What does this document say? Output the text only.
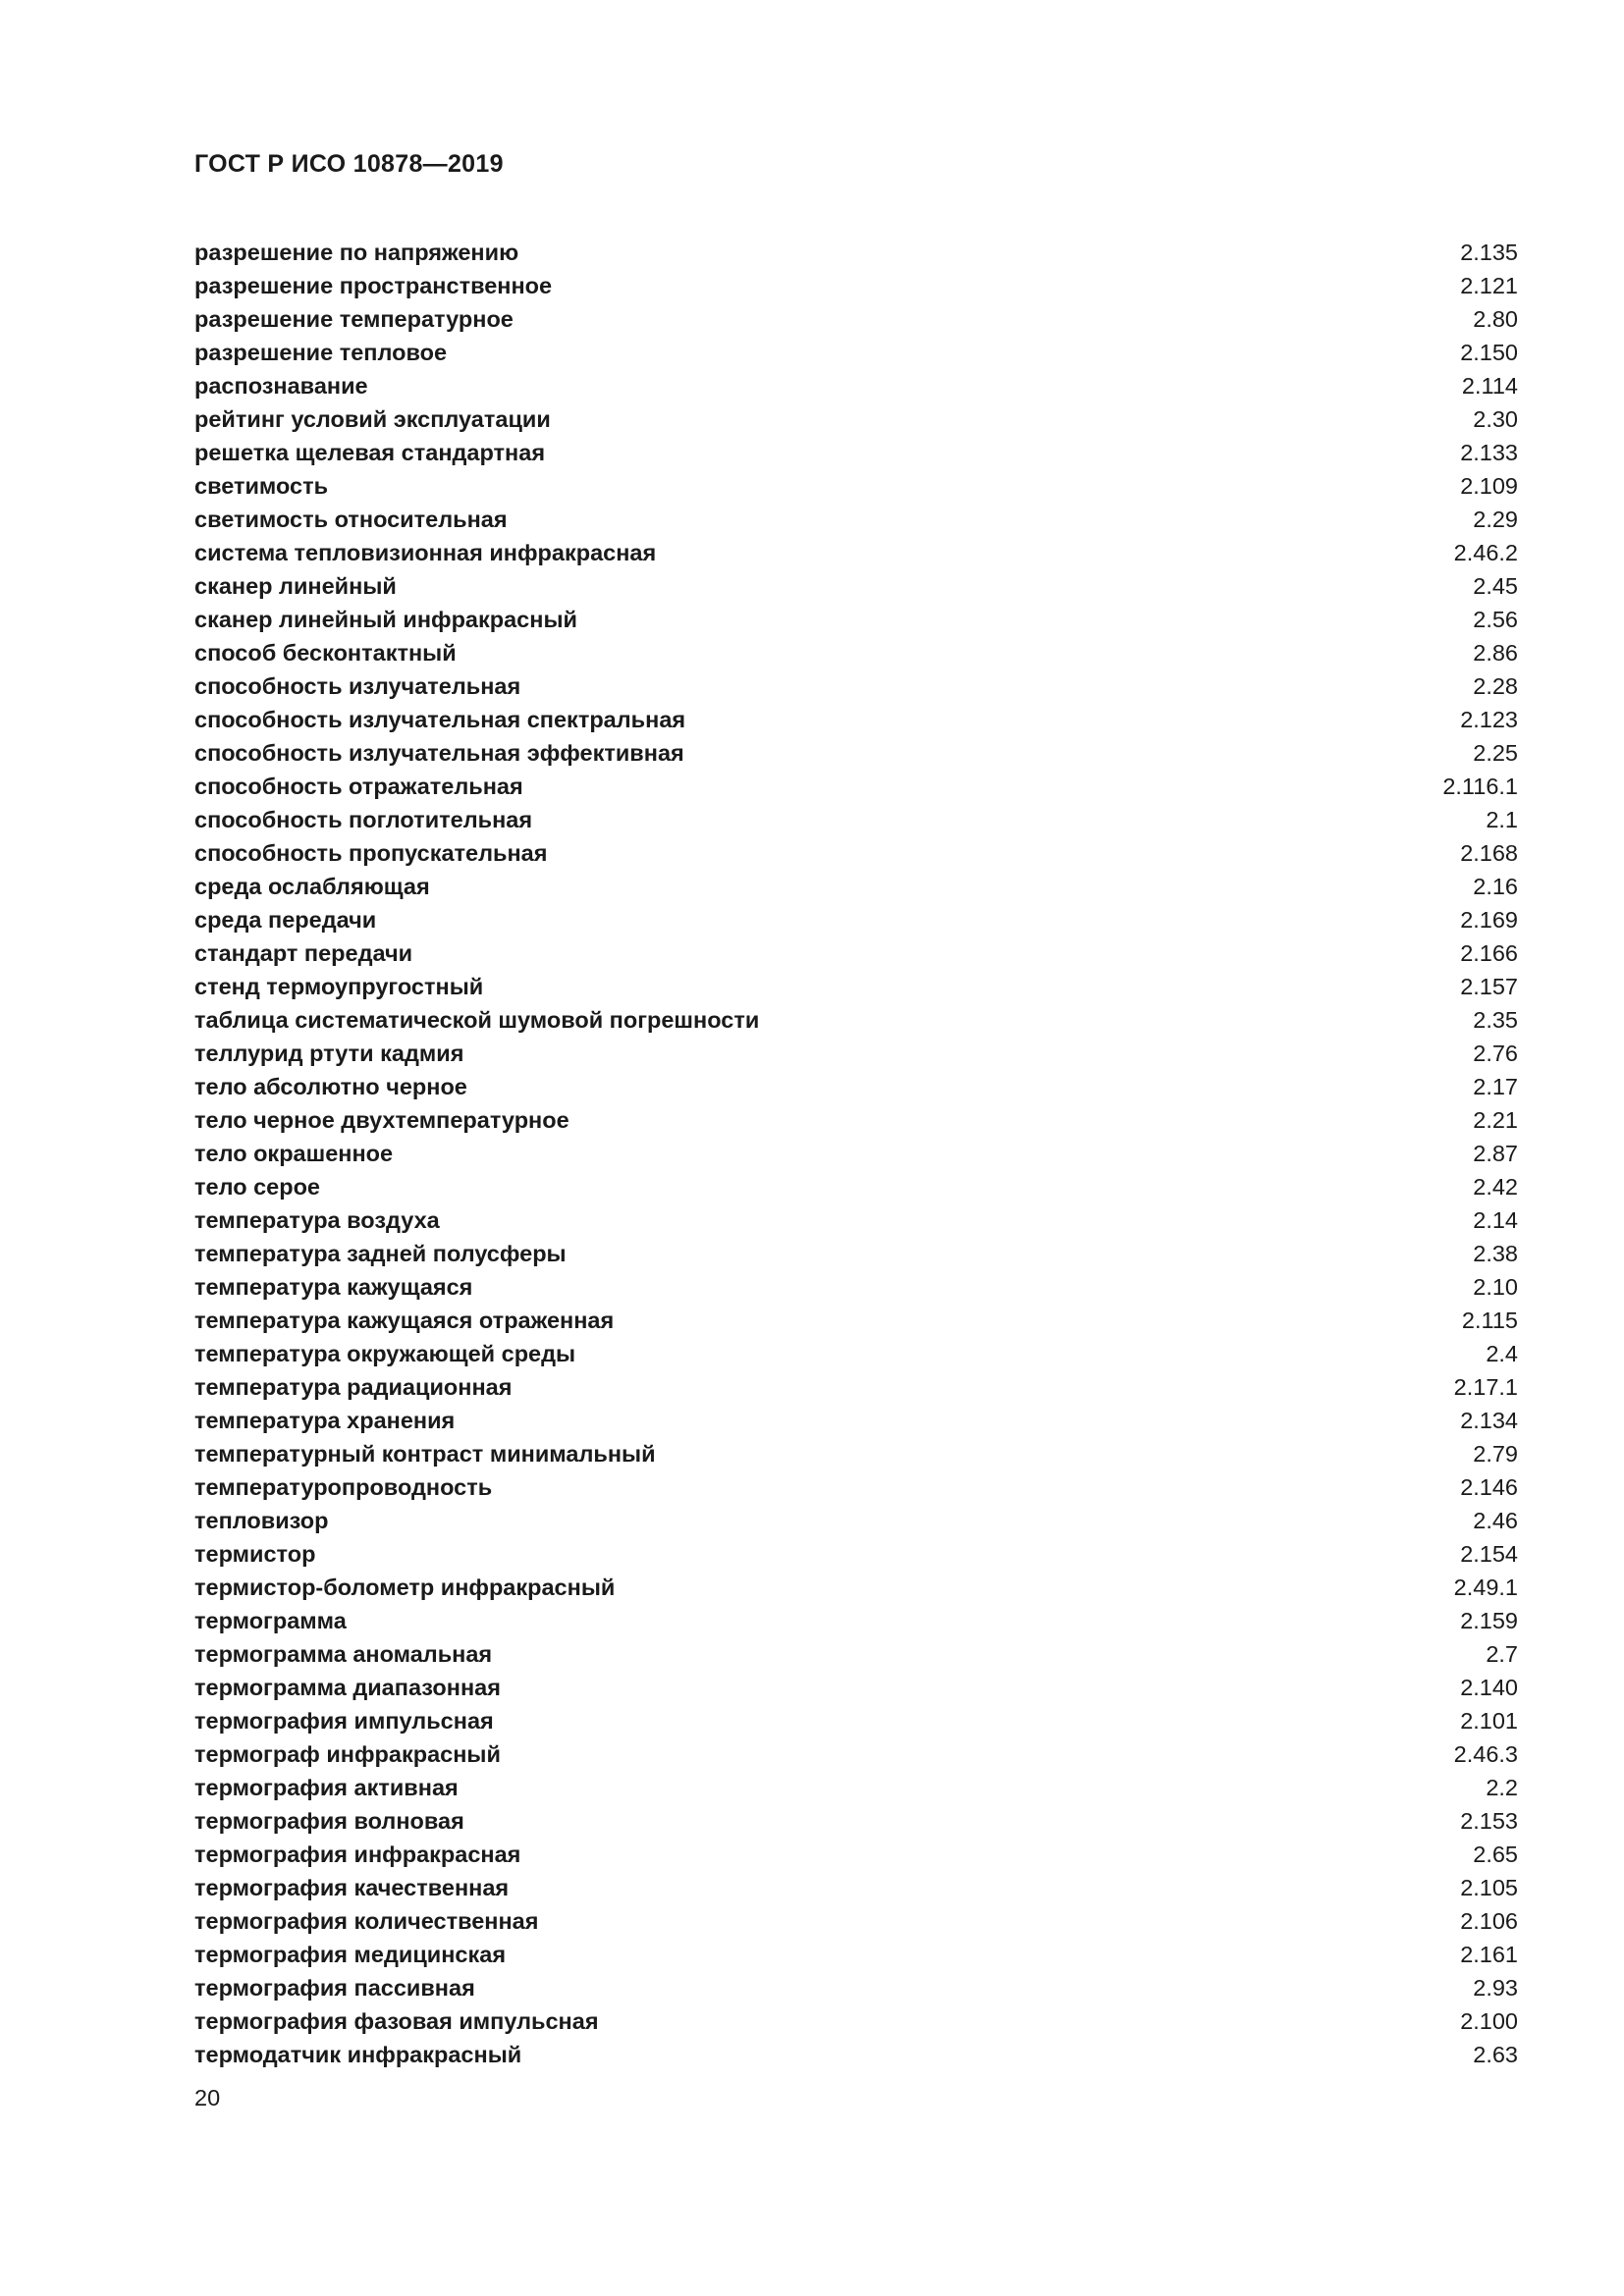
ГОСТ Р ИСО 10878—2019
разрешение по напряжению	2.135
разрешение пространственное	2.121
разрешение температурное	2.80
разрешение тепловое	2.150
распознавание	2.114
рейтинг условий эксплуатации	2.30
решетка щелевая стандартная	2.133
светимость	2.109
светимость относительная	2.29
система тепловизионная инфракрасная	2.46.2
сканер линейный	2.45
сканер линейный инфракрасный	2.56
способ бесконтактный	2.86
способность излучательная	2.28
способность излучательная спектральная	2.123
способность излучательная эффективная	2.25
способность отражательная	2.116.1
способность поглотительная	2.1
способность пропускательная	2.168
среда ослабляющая	2.16
среда передачи	2.169
стандарт передачи	2.166
стенд термоупругостный	2.157
таблица систематической шумовой погрешности	2.35
теллурид ртути кадмия	2.76
тело абсолютно черное	2.17
тело черное двухтемпературное	2.21
тело окрашенное	2.87
тело серое	2.42
температура воздуха	2.14
температура задней полусферы	2.38
температура кажущаяся	2.10
температура кажущаяся отраженная	2.115
температура окружающей среды	2.4
температура радиационная	2.17.1
температура хранения	2.134
температурный контраст минимальный	2.79
температуропроводность	2.146
тепловизор	2.46
термистор	2.154
термистор-болометр инфракрасный	2.49.1
термограмма	2.159
термограмма аномальная	2.7
термограмма диапазонная	2.140
термография импульсная	2.101
термограф инфракрасный	2.46.3
термография активная	2.2
термография волновая	2.153
термография инфракрасная	2.65
термография качественная	2.105
термография количественная	2.106
термография медицинская	2.161
термография пассивная	2.93
термография фазовая импульсная	2.100
термодатчик инфракрасный	2.63
20
